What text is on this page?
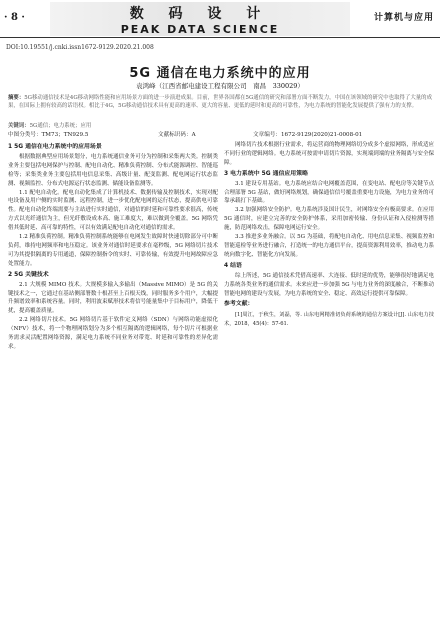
· 8 ·	数 码 设 计
PEAK DATA SCIENCE
计算机与应用
DOI:10.19551/j.cnki.issn1672-9129.2020.21.008
5G 通信在电力系统中的应用
袁鸿峰（江西省邮电建设工程有限公司　南昌　330029）
摘要：5G移动通信技术是4G移动网络性能和应用场景方面的进一步演进成果。目前，世界各国都在5G通信的研究和部署方面不断发力，中国在该领域的研究中也取得了大量的成果，在国际上拥有较高的话语权。相比于4G，5G移动通信技术具有更高的速率、更大的容量、更低的延时和更高的可靠性，为电力系统的智能化发展提供了强有力的支撑。
关键词：5G通信；电力系统；应用
中图分类号：TM73；TN929.5	文献标识码：A	文章编号：1672-9129(2020)21-0008-01
1 5G 通信在电力系统中的应用场景

根据数据典型应用场景划分，电力系统通信业务可分为控制和采集两大类。控制类业务主要包括电网保护与控制、配电自动化、精准负荷控制、分布式能源调控、智能巡检等；采集类业务主要包括用电信息采集、高级计量、配变监测、配电网运行状态监测、视频监控、分布式电源运行状态监测、储能设备监测等。

1.1 配电自动化。配电自动化集成了计算机技术、数据传输及控制技术，实现对配电设备及用户侧的实时监测、远程控制，进一步优化配电网的运行状态，提高供电可靠性。配电自动化终端需要与主站进行实时通信，对通信的时延和可靠性要求很高，传统方式以光纤通信为主，但光纤敷设成本高、施工难度大，难以做到全覆盖。5G 网络凭借其低时延、高可靠的特性，可以有效满足配电自动化对通信的需求。

1.2 精准负荷控制。精准负荷控制系统能够在电网发生故障时快速切除部分可中断负荷，维持电网频率和电压稳定。该业务对通信时延要求在毫秒级，5G 网络切片技术可为其提供隔离的专用通道，保障控制指令的实时、可靠传输，有效提升电网故障应急处置能力。

2 5G 关键技术

2.1 大规模 MIMO 技术。大规模多输入多输出（Massive MIMO）是 5G 的关键技术之一，它通过在基站侧部署数十根甚至上百根天线，同时服务多个用户，大幅提升频谱效率和系统容量。同时，利用波束赋形技术将信号能量集中于目标用户，降低干扰，提高覆盖质量。

2.2 网络切片技术。5G 网络切片基于软件定义网络（SDN）与网络功能虚拟化（NFV）技术，将一个物理网络划分为多个相互隔离的逻辑网络，每个切片可根据业务需求灵活配置网络资源，满足电力系统不同业务对带宽、时延和可靠性的差异化需求。

网络切片技术根据行业需求，将运营商的物理网络切分成多个虚拟网络，形成适应不同行业的逻辑网络。电力系统可按需申请切片资源，实现端到端的业务隔离与安全保障。

3 电力系统中 5G 通信应用策略

3.1 建设专用基站。电力系统应结合电网覆盖范围，在变电站、配电房等关键节点合理部署 5G 基站，做好网络规划，确保通信信号覆盖重要电力设施，为电力业务的可靠承载打下基础。

3.2 加强网络安全防护。电力系统涉及国计民生，对网络安全有极高要求。在应用 5G 通信时，应建立完善的安全防护体系，采用加密传输、身份认证和入侵检测等措施，防范网络攻击，保障电网运行安全。

3.3 推进多业务融合。以 5G 为基础，将配电自动化、用电信息采集、视频监控和智能巡检等业务进行融合，打造统一的电力通信平台，提高资源利用效率，推动电力系统向数字化、智能化方向发展。

4 结语

综上所述，5G 通信技术凭借高速率、大连接、低时延的优势，能够很好地满足电力系统各类业务的通信需求。未来应进一步加强 5G 与电力业务的深度融合，不断推动智能电网的建设与发展，为电力系统的安全、稳定、高效运行提供可靠保障。

参考文献：

[1]周江，于秋生，刘磊，等. 山东电网精准切负荷系统的通信方案设计[J]. 山东电力技术，2018，45(4)：57-61.
